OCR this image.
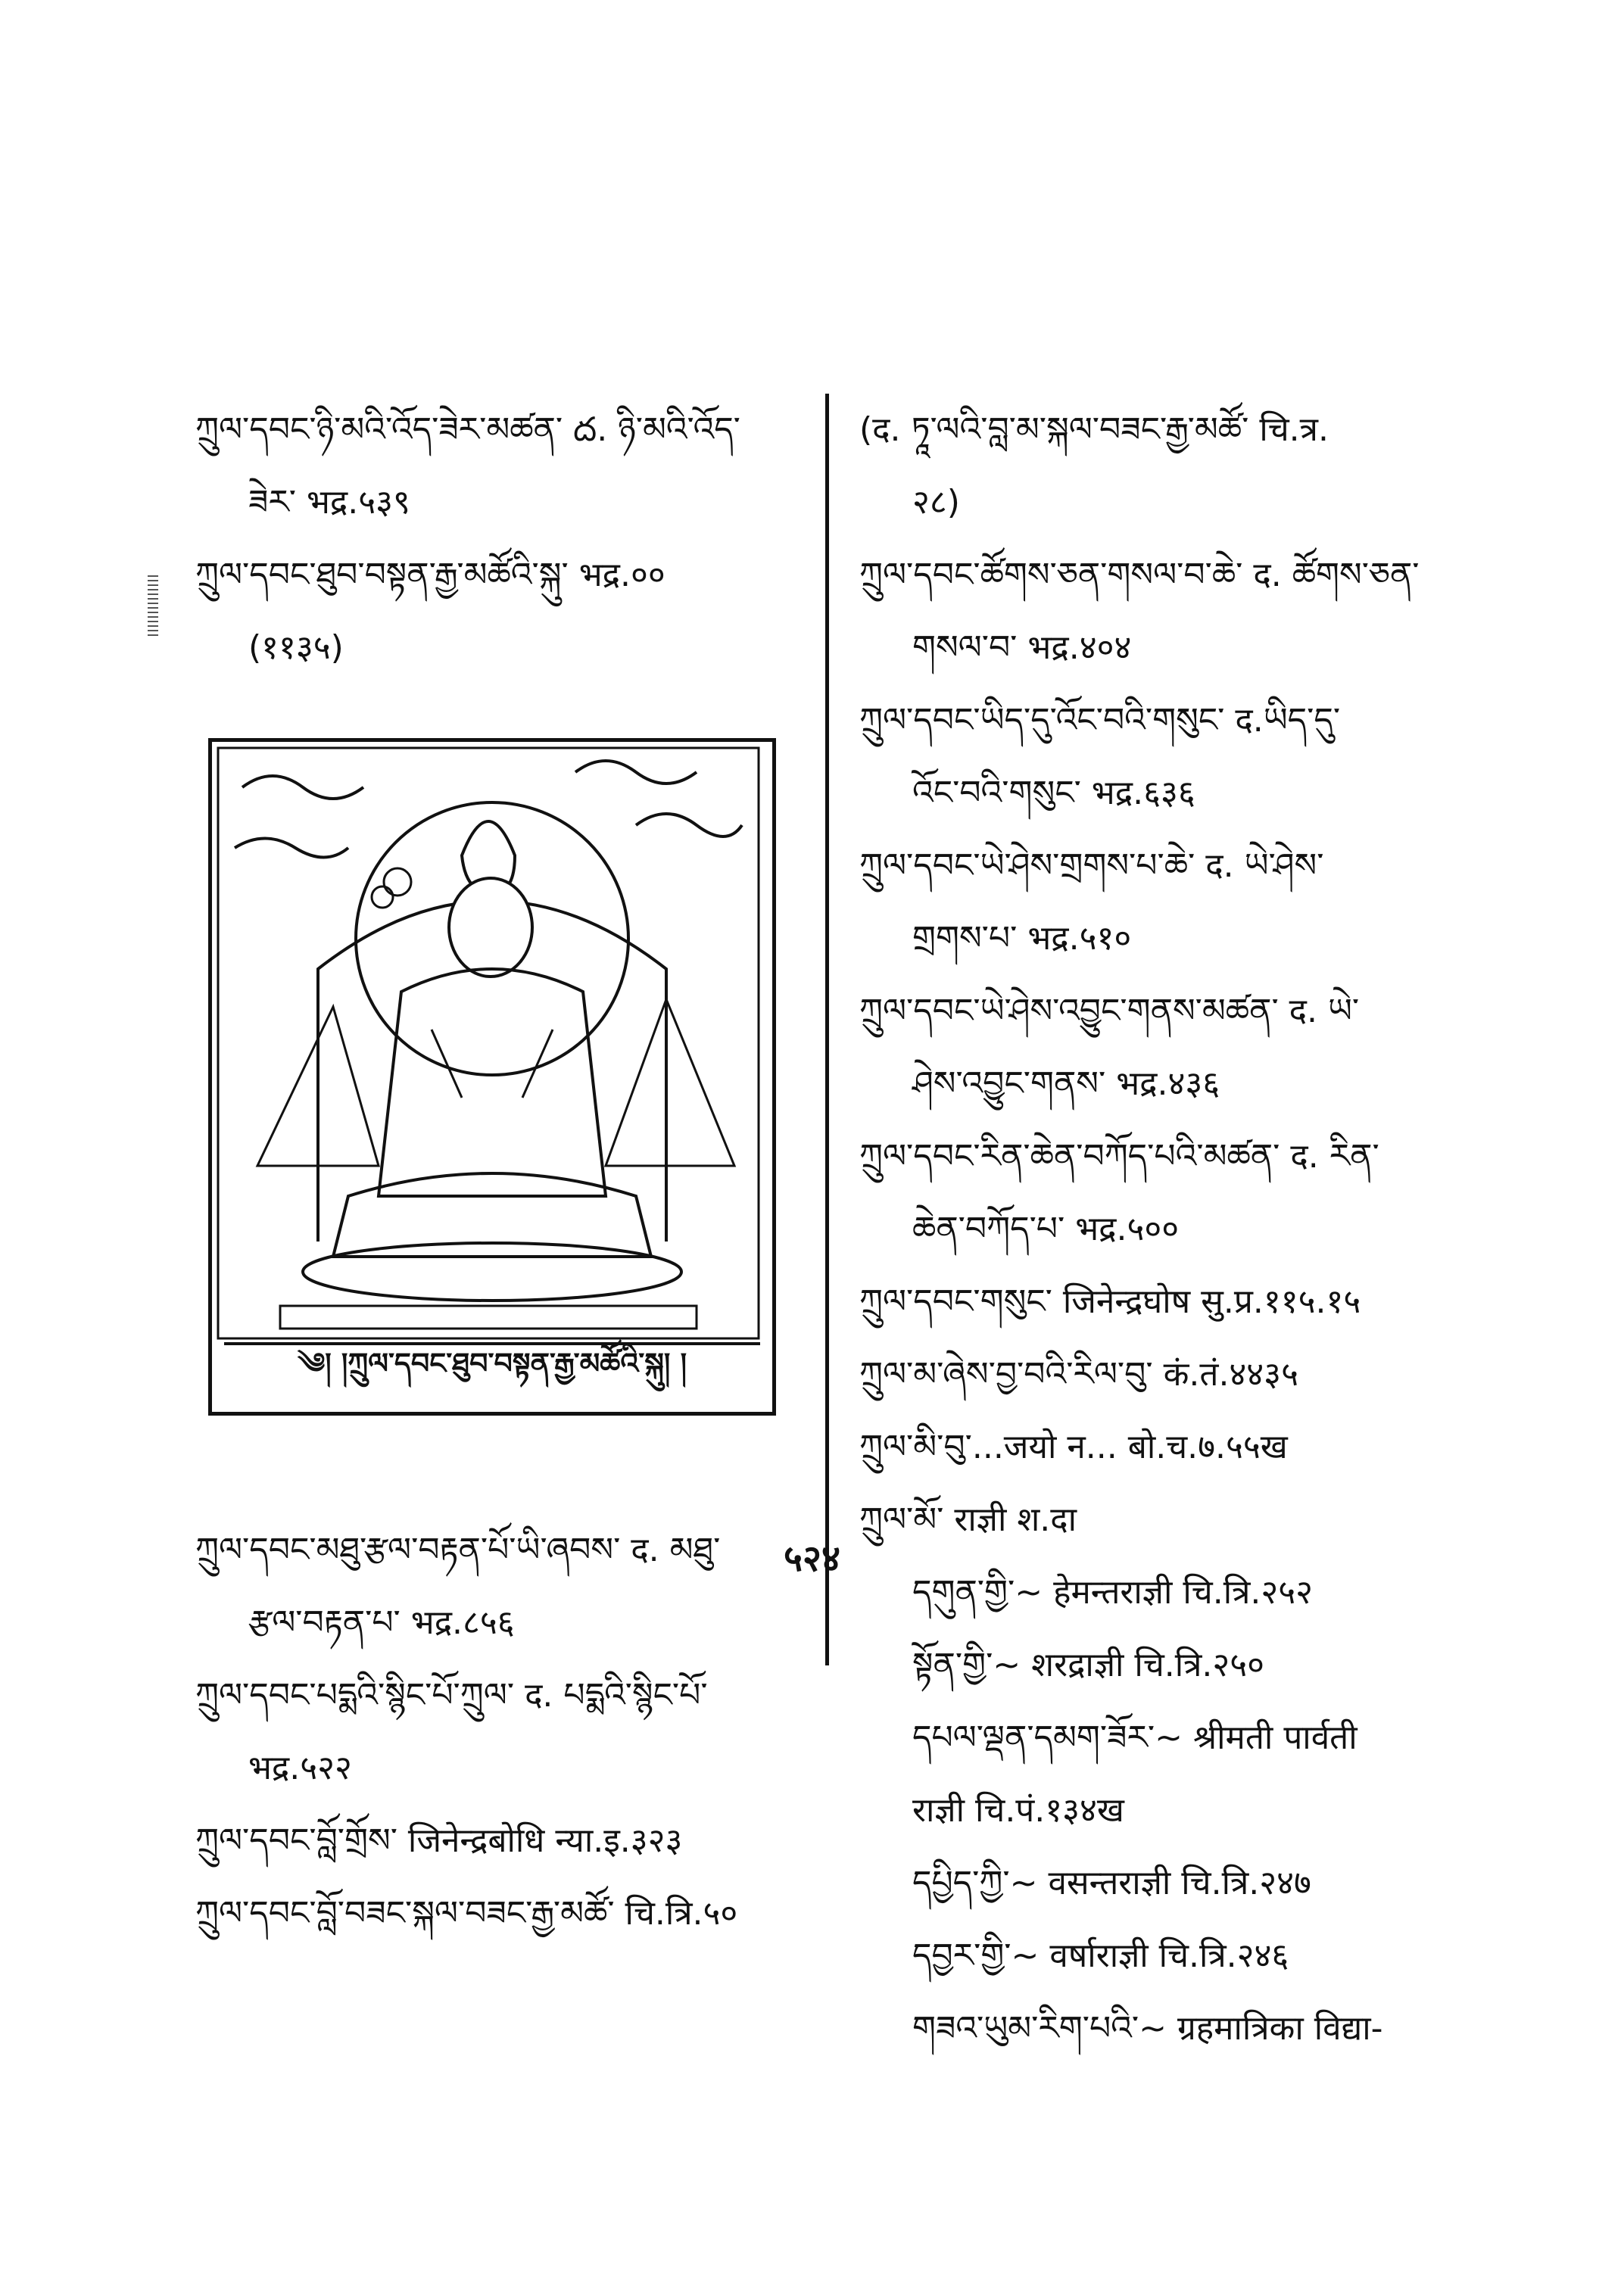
ཀྲུལ་དབང་ཉི་མའི་འོད་ཟེར་མཚན་ ద. ཉི་མའི་འོད་
ཟེར་ भद्र.५३९
ཀྲུལ་དབང་ཐུབ་བསྟན་རྒྱ་མཚོའི་སྐུ་ भद्र.००
(११३५)
༄། །ཀྲུལ་དབང་ཐུབ་བསྟན་རྒྱ་མཚོའི་སྐུ། །
ཀྲུལ་དབང་མཐུ་རྩལ་བརྟན་པོ་ཡི་ཞབས་ द. མཐུ་
རྩལ་བརྟན་པ་ भद्र.८५६
ཀྲུལ་དབང་པདྨའི་སྙིང་པོ་ཀྲུལ་ द. པདྨའི་སྙིང་པོ་
भद्र.५२२
ཀྲུལ་དབང་བློ་གྲོས་ जिनेन्द्रबोधि न्या.इ.३२३
ཀྲུལ་དབང་བློ་བཟང་སྐལ་བཟང་རྒྱ་མཚོ་ चि.त्रि.५०
(द. ཏཱ་ལའི་བླ་མ་སྐལ་བཟང་རྒྱ་མཚོ་ चि.त्र.
२८)
ཀྲུལ་དབང་ཚོགས་ཅན་གསལ་བ་ཆེ་ द. ཚོགས་ཅན་
གསལ་བ་ भद्र.४०४
ཀྲུལ་དབང་ཡིད་དུ་འོང་བའི་གསུང་ द.ཡིད་དུ་
འོང་བའི་གསུང་ भद्र.६३६
ཀྲུལ་དབང་ཡེ་ཤེས་གྲགས་པ་ཆེ་ द. ཡེ་ཤེས་
གྲགས་པ་ भद्र.५१०
ཀྲུལ་དབང་ཡེ་ཤེས་འབྱུང་གནས་མཚན་ द. ཡེ་
ཤེས་འབྱུང་གནས་ भद्र.४३६
ཀྲུལ་དབང་རིན་ཆེན་བཀོད་པའི་མཚན་ द. རིན་
ཆེན་བཀོད་པ་ भद्र.५००
ཀྲུལ་དབང་གསུང་ जिनेन्द्रघोष सु.प्र.११५.१५
ཀྲུལ་མ་ཞེས་བྱ་བའི་རིལ་བུ་ कं.तं.४४३५
ཀྲུལ་མི་བུ་...जयो न... बो.च.७.५५ख
ཀྲུལ་མོ་ राज्ञी श.दा
དགུན་གྱི་~ हेमन्तराज्ञी चि.त्रि.२५२
སྟོན་གྱི་~ शरद्राज्ञी चि.त्रि.२५०
དཔལ་ལྡན་དམག་ཟོར་~ श्रीमती पार्वती
राज्ञी चि.पं.१३४ख
དཔྱིད་ཀྱི་~ वसन्तराज्ञी चि.त्रि.२४७
དབྱར་གྱི་~ वर्षाराज्ञी चि.त्रि.२४६
གཟའ་ཡུམ་རིག་པའི་~ ग्रहमात्रिका विद्या-
५२४
